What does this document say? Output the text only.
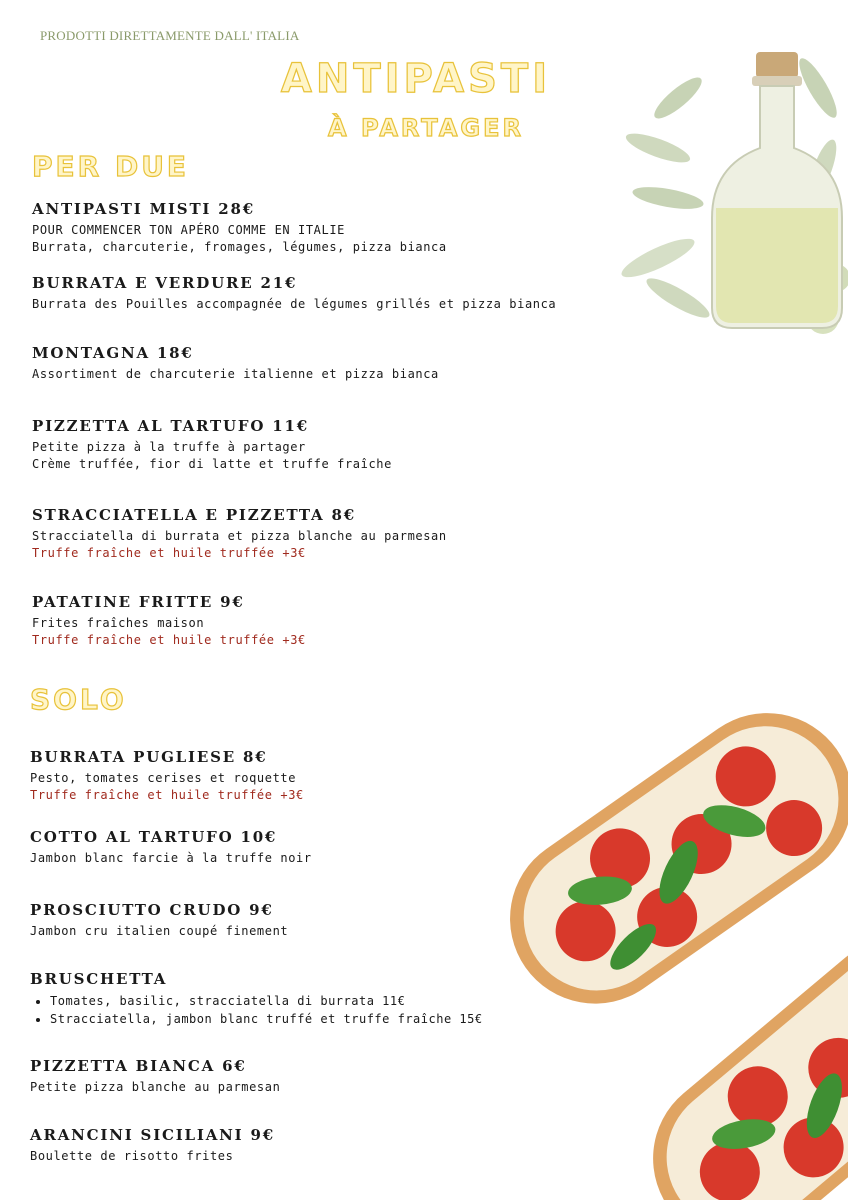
PRODOTTI DIRETTAMENTE DALL' ITALIA
ANTIPASTI
À PARTAGER
PER DUE
ANTIPASTI MISTI 28€
POUR COMMENCER TON APÉRO COMME EN ITALIE
Burrata, charcuterie, fromages, légumes, pizza bianca
BURRATA E VERDURE 21€
Burrata des Pouilles accompagnée de légumes grillés et pizza bianca
MONTAGNA 18€
Assortiment de charcuterie italienne et pizza bianca
PIZZETTA AL TARTUFO 11€
Petite pizza à la truffe à partager
Crème truffée, fior di latte et truffe fraîche
STRACCIATELLA E PIZZETTA 8€
Stracciatella di burrata et pizza blanche au parmesan
Truffe fraîche et huile truffée +3€
PATATINE FRITTE 9€
Frites fraîches maison
Truffe fraîche et huile truffée +3€
SOLO
BURRATA PUGLIESE 8€
Pesto, tomates cerises et roquette
Truffe fraîche et huile truffée +3€
COTTO AL TARTUFO 10€
Jambon blanc farcie à la truffe noir
PROSCIUTTO CRUDO 9€
Jambon cru italien coupé finement
BRUSCHETTA
• Tomates, basilic, stracciatella di burrata 11€
• Stracciatella, jambon blanc truffé et truffe fraîche 15€
PIZZETTA BIANCA 6€
Petite pizza blanche au parmesan
ARANCINI SICILIANI 9€
Boulette de risotto frites
